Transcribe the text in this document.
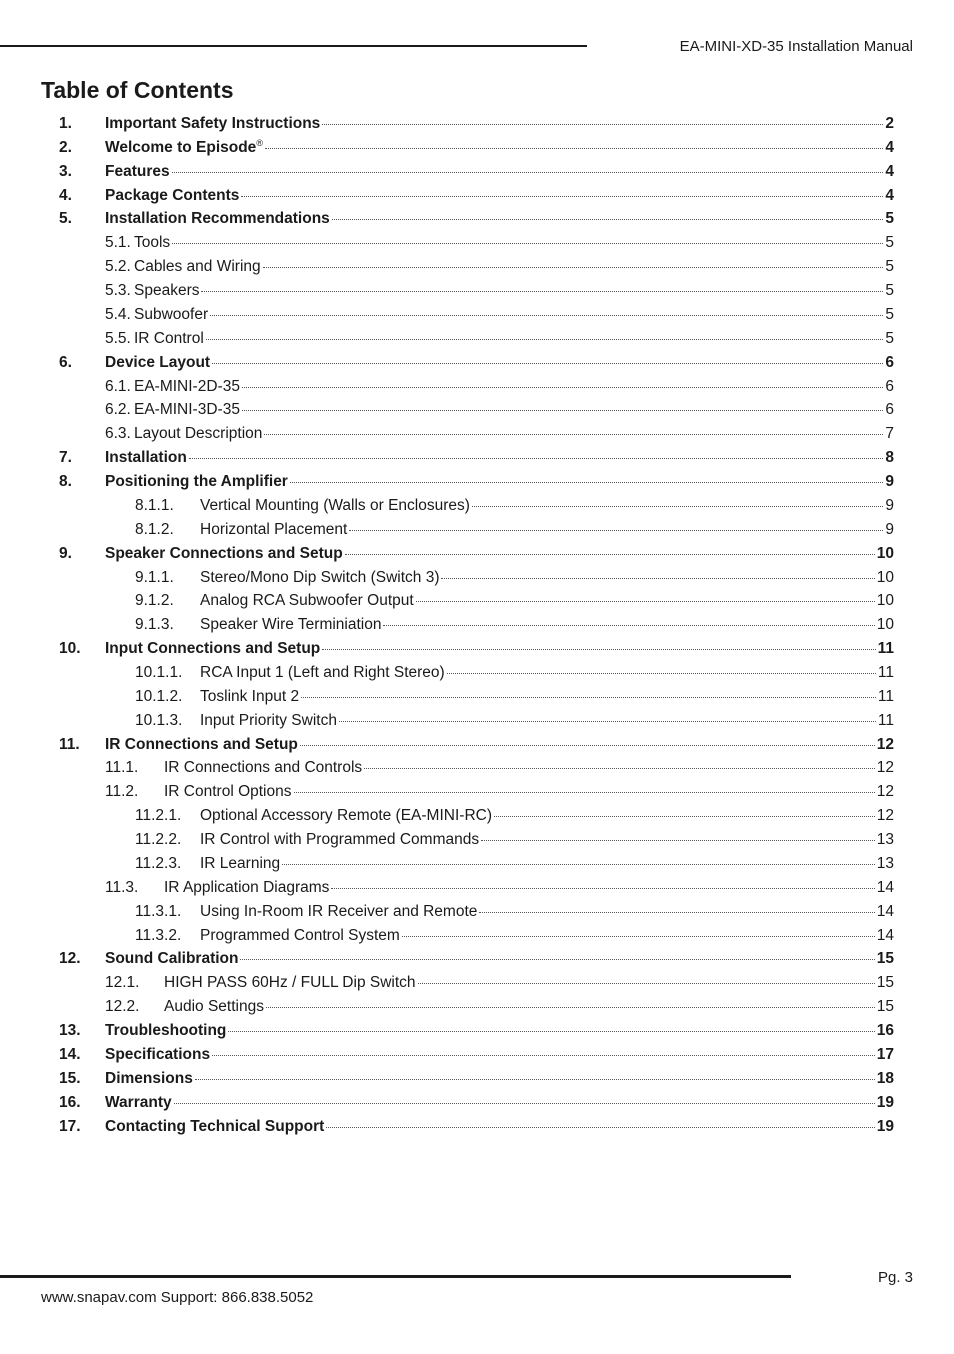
EA-MINI-XD-35 Installation Manual
Table of Contents
1. Important Safety Instructions	2
2. Welcome to Episode®	4
3. Features	4
4. Package Contents	4
5. Installation Recommendations	5
5.1. Tools	5
5.2. Cables and Wiring	5
5.3. Speakers	5
5.4. Subwoofer	5
5.5. IR Control	5
6. Device Layout	6
6.1. EA-MINI-2D-35	6
6.2. EA-MINI-3D-35	6
6.3. Layout Description	7
7. Installation	8
8. Positioning the Amplifier	9
8.1.1. Vertical Mounting (Walls or Enclosures)	9
8.1.2. Horizontal Placement	9
9. Speaker Connections and Setup	10
9.1.1. Stereo/Mono Dip Switch (Switch 3)	10
9.1.2. Analog RCA Subwoofer Output	10
9.1.3. Speaker Wire Terminiation	10
10. Input Connections and Setup	11
10.1.1. RCA Input 1 (Left and Right Stereo)	11
10.1.2. Toslink Input 2	11
10.1.3. Input Priority Switch	11
11. IR Connections and Setup	12
11.1. IR Connections and Controls	12
11.2. IR Control Options	12
11.2.1. Optional Accessory Remote (EA-MINI-RC)	12
11.2.2. IR Control with Programmed Commands	13
11.2.3. IR Learning	13
11.3. IR Application Diagrams	14
11.3.1. Using In-Room IR Receiver and Remote	14
11.3.2. Programmed Control System	14
12. Sound Calibration	15
12.1. HIGH PASS 60Hz / FULL Dip Switch	15
12.2. Audio Settings	15
13. Troubleshooting	16
14. Specifications	17
15. Dimensions	18
16. Warranty	19
17. Contacting Technical Support	19
Pg. 3
www.snapav.com Support: 866.838.5052
